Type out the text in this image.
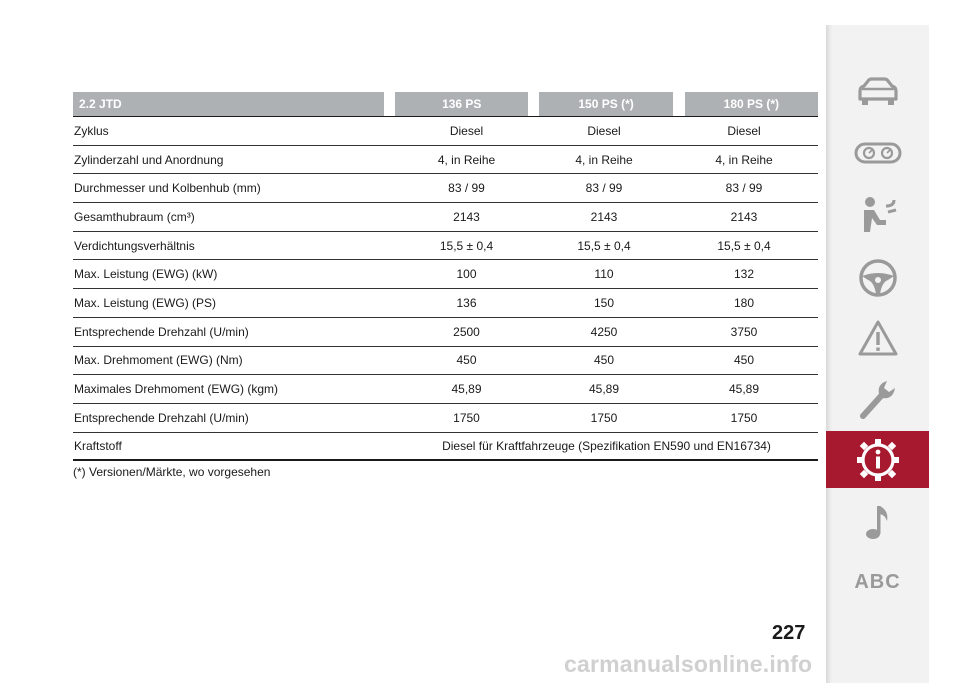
2.2 JTD	136 PS	150 PS (*)	180 PS (*)
Zyklus	Diesel	Diesel	Diesel
Zylinderzahl und Anordnung	4, in Reihe	4, in Reihe	4, in Reihe
Durchmesser und Kolbenhub (mm)	83 / 99	83 / 99	83 / 99
Gesamthubraum (cm³)	2143	2143	2143
Verdichtungsverhältnis	15,5 ± 0,4	15,5 ± 0,4	15,5 ± 0,4
Max. Leistung (EWG) (kW)	100	110	132
Max. Leistung (EWG) (PS)	136	150	180
Entsprechende Drehzahl (U/min)	2500	4250	3750
Max. Drehmoment (EWG) (Nm)	450	450	450
Maximales Drehmoment (EWG) (kgm)	45,89	45,89	45,89
Entsprechende Drehzahl (U/min)	1750	1750	1750
Kraftstoff	Diesel für Kraftfahrzeuge (Spezifikation EN590 und EN16734)
(*) Versionen/Märkte, wo vorgesehen
ABC
227
carmanualsonline.info
